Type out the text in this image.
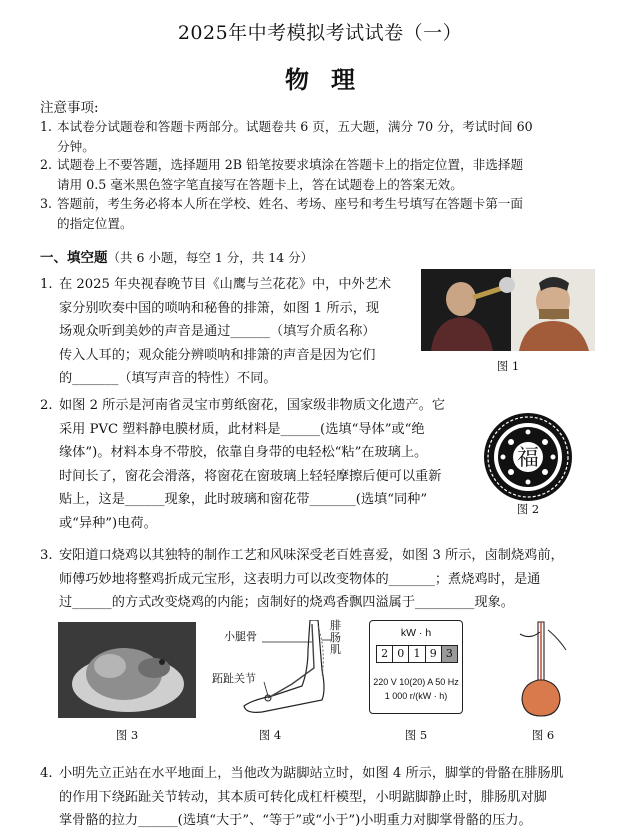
2025年中考模拟考试试卷（一）
物理
注意事项:
1. 本试卷分试题卷和答题卡两部分。试题卷共 6 页，五大题，满分 70 分，考试时间 60
分钟。
2. 试题卷上不要答题，选择题用 2B 铅笔按要求填涂在答题卡上的指定位置，非选择题
请用 0.5 毫米黑色签字笔直接写在答题卡上，答在试题卷上的答案无效。
3. 答题前，考生务必将本人所在学校、姓名、考场、座号和考生号填写在答题卡第一面
的指定位置。
一、填空题（共 6 小题，每空 1 分，共 14 分）
1. 在 2025 年央视春晚节目《山鹰与兰花花》中，中外艺术
家分别吹奏中国的唢呐和秘鲁的排箫，如图 1 所示，现
场观众听到美妙的声音是通过______（填写介质名称）
传入人耳的；观众能分辨唢呐和排箫的声音是因为它们
的_______（填写声音的特性）不同。
图 1
2. 如图 2 所示是河南省灵宝市剪纸窗花，国家级非物质文化遗产。它
采用 PVC 塑料静电膜材质，此材料是______(选填“导体”或“绝
缘体”)。材料本身不带胶，依靠自身带的电轻松“粘”在玻璃上。
时间长了，窗花会滑落，将窗花在窗玻璃上轻轻摩擦后便可以重新
贴上，这是______现象，此时玻璃和窗花带_______(选填“同种”
或“异种”)电荷。
福
图 2
3. 安阳道口烧鸡以其独特的制作工艺和风味深受老百姓喜爱，如图 3 所示，卤制烧鸡前，
师傅巧妙地将整鸡折成元宝形，这表明力可以改变物体的_______；煮烧鸡时，是通
过______的方式改变烧鸡的内能；卤制好的烧鸡香飘四溢属于_________现象。
图 3
小腿骨
腓肠肌
跖趾关节
图 4
kW · h
2 0 1 9 3
220 V 10(20) A 50 Hz
1 000 r/(kW · h)
图 5	图 6
4. 小明先立正站在水平地面上，当他改为踮脚站立时，如图 4 所示，脚掌的骨骼在腓肠肌
的作用下绕跖趾关节转动，其本质可转化成杠杆模型，小明踮脚静止时，腓肠肌对脚
掌骨骼的拉力______(选填“大于”、“等于”或“小于”)小明重力对脚掌骨骼的压力。
